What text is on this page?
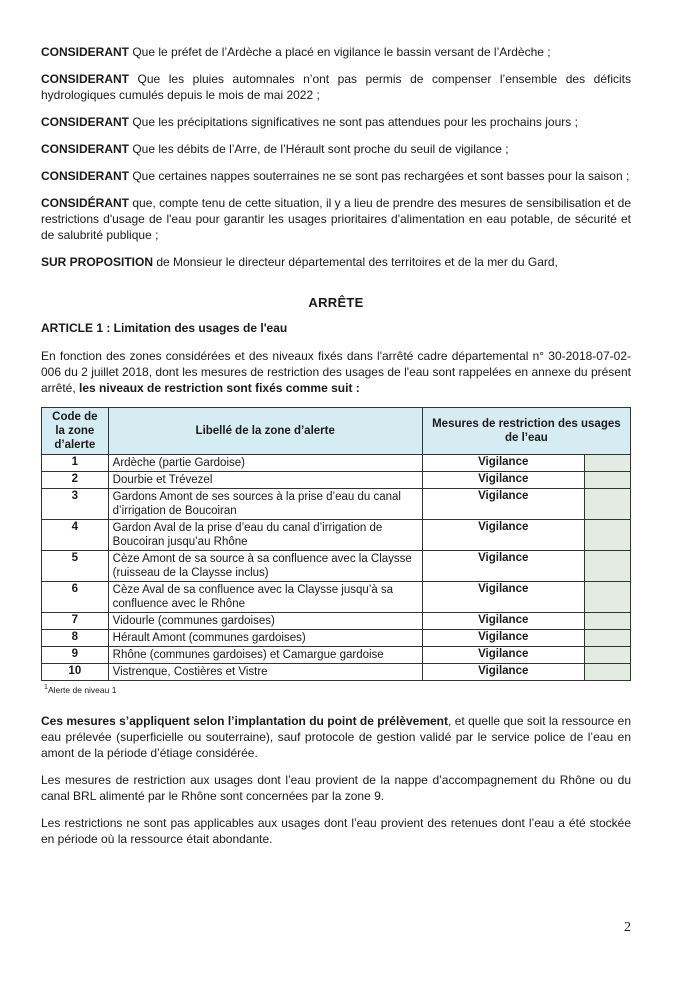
CONSIDERANT Que le préfet de l’Ardèche a placé en vigilance le bassin versant de l’Ardèche ;

CONSIDERANT Que les pluies automnales n’ont pas permis de compenser l’ensemble des déficits hydrologiques cumulés depuis le mois de mai 2022 ;

CONSIDERANT Que les précipitations significatives ne sont pas attendues pour les prochains jours ;

CONSIDERANT Que les débits de l’Arre, de l’Hérault sont proche du seuil de vigilance ;

CONSIDERANT Que certaines nappes souterraines ne se sont pas rechargées et sont basses pour la saison ;

CONSIDÉRANT que, compte tenu de cette situation, il y a lieu de prendre des mesures de sensibilisation et de restrictions d'usage de l'eau pour garantir les usages prioritaires d'alimentation en eau potable, de sécurité et de salubrité publique ;

SUR PROPOSITION de Monsieur le directeur départemental des territoires et de la mer du Gard,

ARRÊTE
ARTICLE 1 : Limitation des usages de l'eau

En fonction des zones considérées et des niveaux fixés dans l'arrêté cadre départemental n° 30-2018-07-02-006 du 2 juillet 2018, dont les mesures de restriction des usages de l'eau sont rappelées en annexe du présent arrêté, les niveaux de restriction sont fixés comme suit :

Code de la zone d’alerte	Libellé de la zone d’alerte	Mesures de restriction des usages de l’eau	
1	Ardèche (partie Gardoise)	Vigilance	
2	Dourbie et Trévezel	Vigilance	
3	Gardons Amont de ses sources à la prise d’eau du canal d’irrigation de Boucoiran	Vigilance	
4	Gardon Aval de la prise d’eau du canal d’irrigation de Boucoiran jusqu’au Rhône	Vigilance	
5	Cèze Amont de sa source à sa confluence avec la Claysse (ruisseau de la Claysse inclus)	Vigilance	
6	Cèze Aval de sa confluence avec la Claysse jusqu’à sa confluence avec le Rhône	Vigilance	
7	Vidourle (communes gardoises)	Vigilance	
8	Hérault Amont (communes gardoises)	Vigilance	
9	Rhône (communes gardoises) et Camargue gardoise	Vigilance	
10	Vistrenque, Costières et Vistre	Vigilance	
$^1$Alerte de niveau 1

Ces mesures s’appliquent selon l’implantation du point de prélèvement, et quelle que soit la ressource en eau prélevée (superficielle ou souterraine), sauf protocole de gestion validé par le service police de l’eau en amont de la période d’étiage considérée.

Les mesures de restriction aux usages dont l’eau provient de la nappe d’accompagnement du Rhône ou du canal BRL alimenté par le Rhône sont concernées par la zone 9.

Les restrictions ne sont pas applicables aux usages dont l’eau provient des retenues dont l’eau a été stockée en période où la ressource était abondante.

2
